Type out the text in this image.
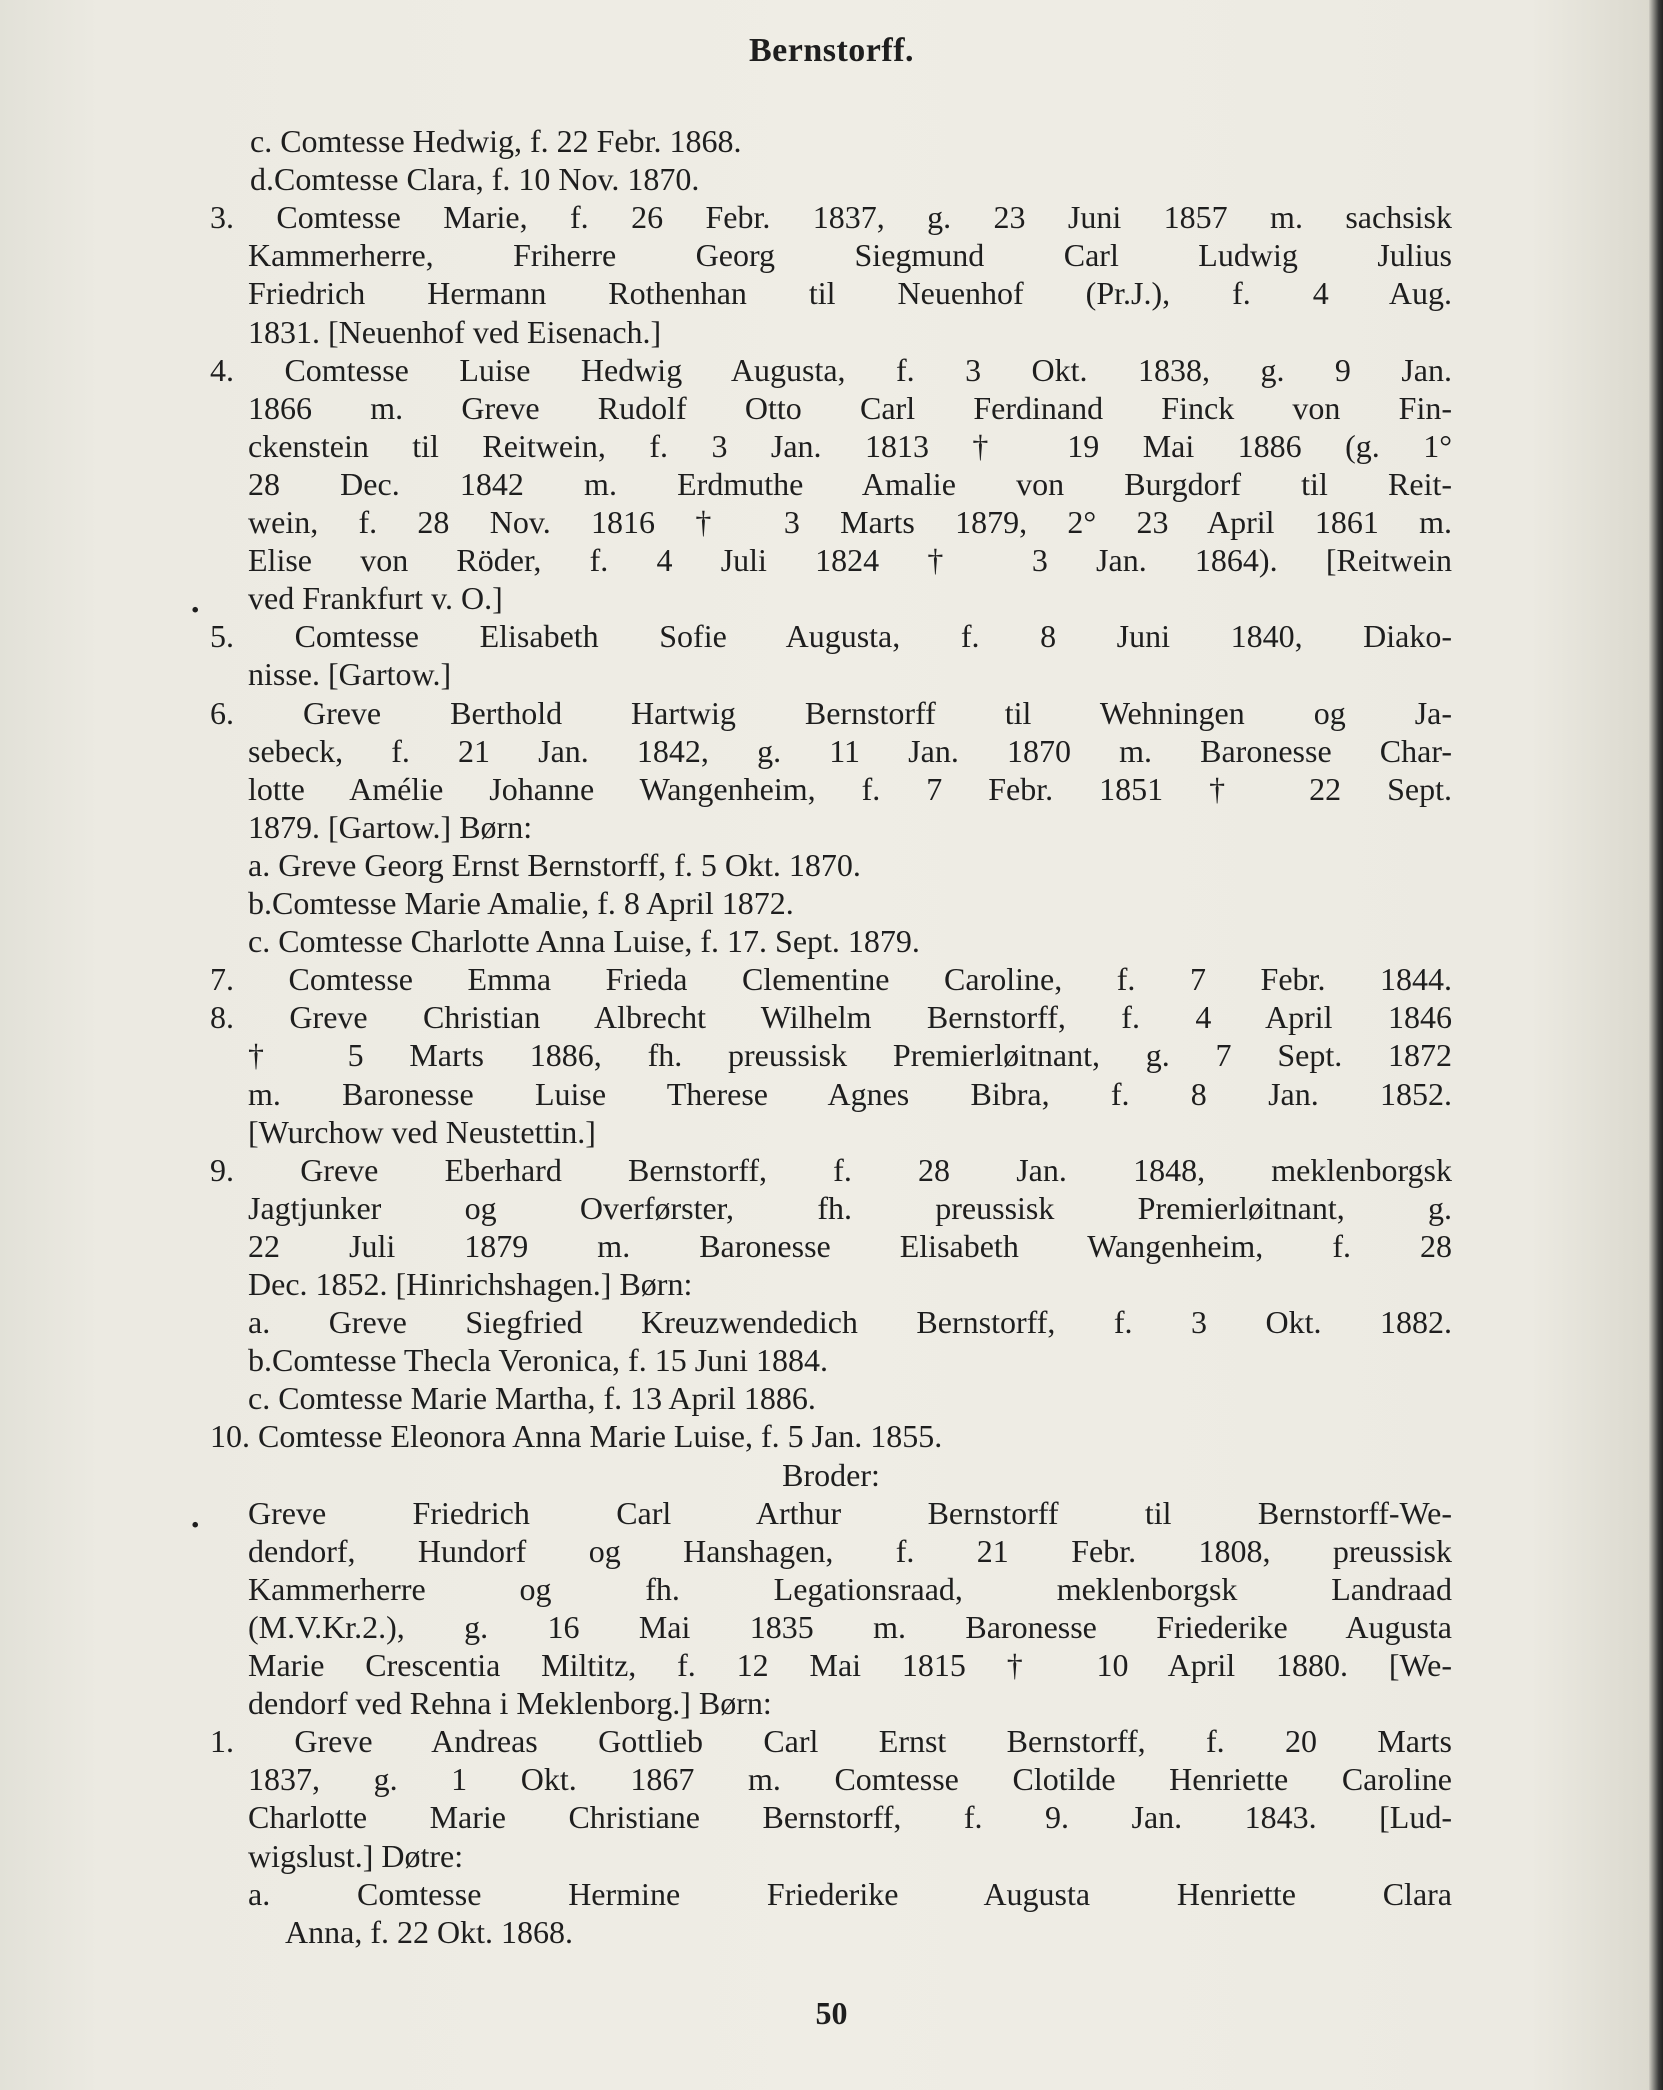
Bernstorff.
c. Comtesse Hedwig, f. 22 Febr. 1868.
d.Comtesse Clara, f. 10 Nov. 1870.
3. Comtesse Marie, f. 26 Febr. 1837, g. 23 Juni 1857 m. sachsisk
Kammerherre, Friherre Georg Siegmund Carl Ludwig Julius
Friedrich Hermann Rothenhan til Neuenhof (Pr.J.), f. 4 Aug.
1831. [Neuenhof ved Eisenach.]
4. Comtesse Luise Hedwig Augusta, f. 3 Okt. 1838, g. 9 Jan.
1866 m. Greve Rudolf Otto Carl Ferdinand Finck von Fin-
ckenstein til Reitwein, f. 3 Jan. 1813 † 19 Mai 1886 (g. 1°
28 Dec. 1842 m. Erdmuthe Amalie von Burgdorf til Reit-
wein, f. 28 Nov. 1816 † 3 Marts 1879, 2° 23 April 1861 m.
Elise von Röder, f. 4 Juli 1824 † 3 Jan. 1864). [Reitwein
ved Frankfurt v. O.]
5. Comtesse Elisabeth Sofie Augusta, f. 8 Juni 1840, Diako-
nisse. [Gartow.]
6. Greve Berthold Hartwig Bernstorff til Wehningen og Ja-
sebeck, f. 21 Jan. 1842, g. 11 Jan. 1870 m. Baronesse Char-
lotte Amélie Johanne Wangenheim, f. 7 Febr. 1851 † 22 Sept.
1879. [Gartow.] Børn:
a. Greve Georg Ernst Bernstorff, f. 5 Okt. 1870.
b.Comtesse Marie Amalie, f. 8 April 1872.
c. Comtesse Charlotte Anna Luise, f. 17. Sept. 1879.
7. Comtesse Emma Frieda Clementine Caroline, f. 7 Febr. 1844.
8. Greve Christian Albrecht Wilhelm Bernstorff, f. 4 April 1846
† 5 Marts 1886, fh. preussisk Premierløitnant, g. 7 Sept. 1872
m. Baronesse Luise Therese Agnes Bibra, f. 8 Jan. 1852.
[Wurchow ved Neustettin.]
9. Greve Eberhard Bernstorff, f. 28 Jan. 1848, meklenborgsk
Jagtjunker og Overførster, fh. preussisk Premierløitnant, g.
22 Juli 1879 m. Baronesse Elisabeth Wangenheim, f. 28
Dec. 1852. [Hinrichshagen.] Børn:
a. Greve Siegfried Kreuzwendedich Bernstorff, f. 3 Okt. 1882.
b.Comtesse Thecla Veronica, f. 15 Juni 1884.
c. Comtesse Marie Martha, f. 13 April 1886.
10. Comtesse Eleonora Anna Marie Luise, f. 5 Jan. 1855.
Broder:
Greve Friedrich Carl Arthur Bernstorff til Bernstorff-We-
dendorf, Hundorf og Hanshagen, f. 21 Febr. 1808, preussisk
Kammerherre og fh. Legationsraad, meklenborgsk Landraad
(M.V.Kr.2.), g. 16 Mai 1835 m. Baronesse Friederike Augusta
Marie Crescentia Miltitz, f. 12 Mai 1815 † 10 April 1880. [We-
dendorf ved Rehna i Meklenborg.] Børn:
1. Greve Andreas Gottlieb Carl Ernst Bernstorff, f. 20 Marts
1837, g. 1 Okt. 1867 m. Comtesse Clotilde Henriette Caroline
Charlotte Marie Christiane Bernstorff, f. 9. Jan. 1843. [Lud-
wigslust.] Døtre:
a. Comtesse Hermine Friederike Augusta Henriette Clara
Anna, f. 22 Okt. 1868.
.
.
50
